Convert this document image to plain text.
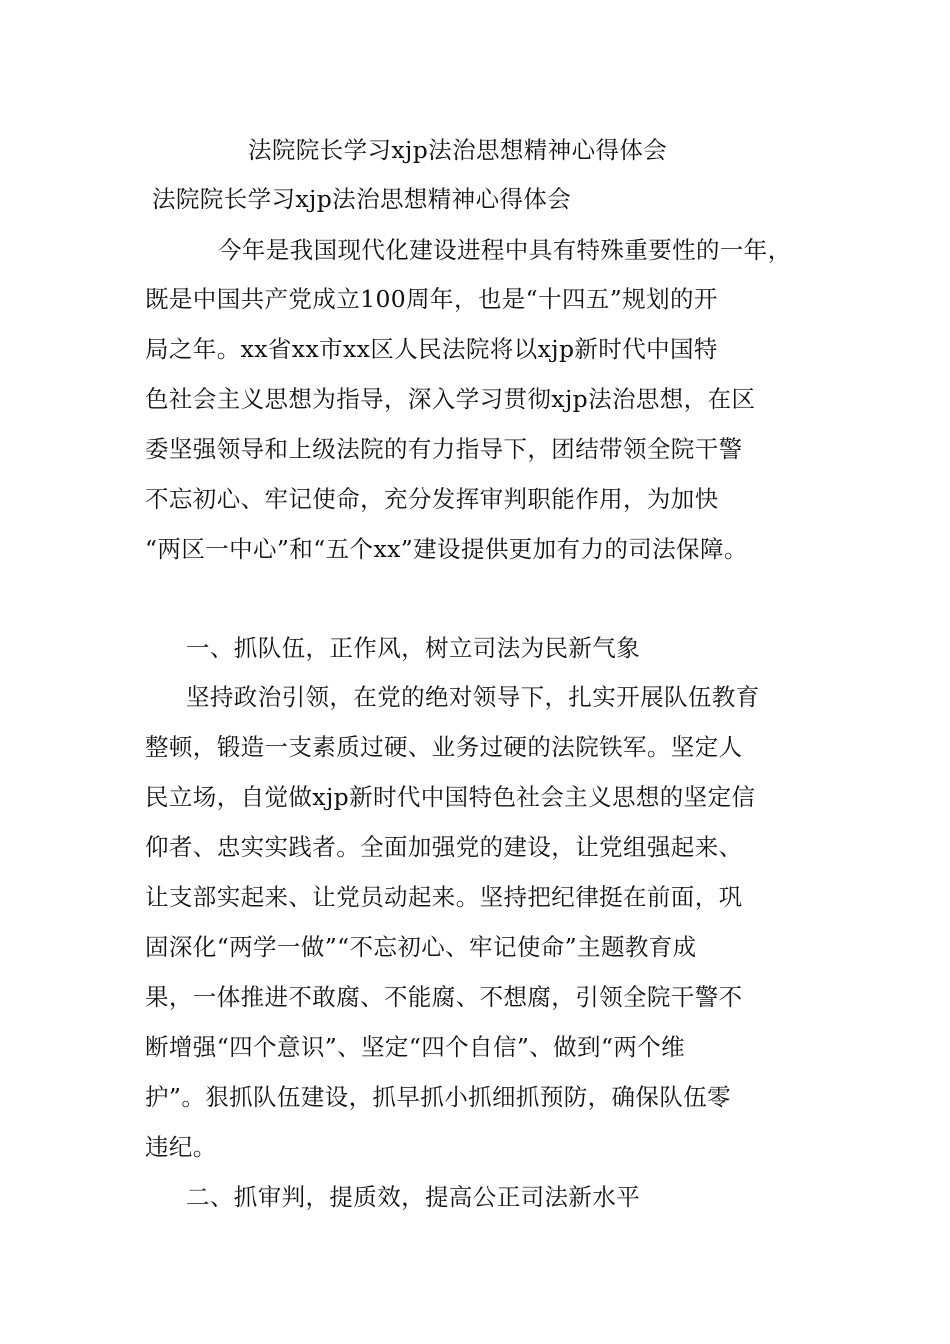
法院院长学习xjp法治思想精神心得体会

法院院长学习xjp法治思想精神心得体会

今年是我国现代化建设进程中具有特殊重要性的一年，

既是中国共产党成立100周年，也是“十四五”规划的开

局之年。xx省xx市xx区人民法院将以xjp新时代中国特

色社会主义思想为指导，深入学习贯彻xjp法治思想，在区

委坚强领导和上级法院的有力指导下，团结带领全院干警

不忘初心、牢记使命，充分发挥审判职能作用，为加快

“两区一中心”和“五个xx”建设提供更加有力的司法保障。

一、抓队伍，正作风，树立司法为民新气象

坚持政治引领，在党的绝对领导下，扎实开展队伍教育

整顿，锻造一支素质过硬、业务过硬的法院铁军。坚定人

民立场，自觉做xjp新时代中国特色社会主义思想的坚定信

仰者、忠实实践者。全面加强党的建设，让党组强起来、

让支部实起来、让党员动起来。坚持把纪律挺在前面，巩

固深化“两学一做”“不忘初心、牢记使命”主题教育成

果，一体推进不敢腐、不能腐、不想腐，引领全院干警不

断增强“四个意识”、坚定“四个自信”、做到“两个维

护”。狠抓队伍建设，抓早抓小抓细抓预防，确保队伍零

违纪。

二、抓审判，提质效，提高公正司法新水平
